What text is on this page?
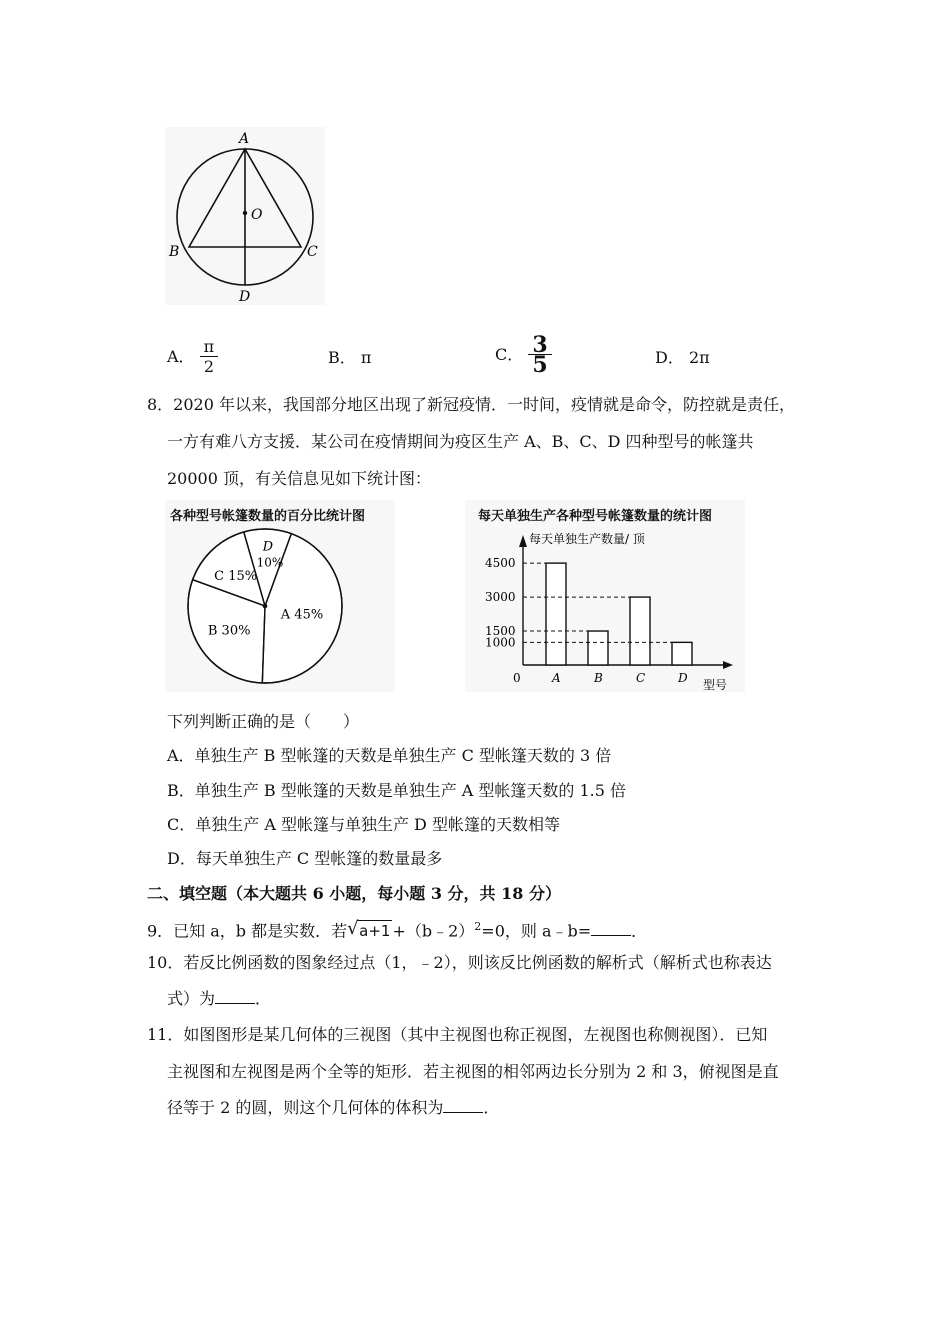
A
O
B	C
D
A． $\frac{\pi}{2}$	B． π	C． $\frac{3}{5}$	D． 2π
8．2020 年以来，我国部分地区出现了新冠疫情．一时间，疫情就是命令，防控就是责任，
一方有难八方支援．某公司在疫情期间为疫区生产 A、B、C、D 四种型号的帐篷共
20000 顶，有关信息见如下统计图：
各种型号帐篷数量的百分比统计图
A 45%
B 30%
C 15%
D
10%
每天单独生产各种型号帐篷数量的统计图
每天单独生产数量/ 顶
型号
0	A	B	C	D
1000
1500
3000
4500
下列判断正确的是（　　）
A．单独生产 B 型帐篷的天数是单独生产 C 型帐篷天数的 3 倍
B．单独生产 B 型帐篷的天数是单独生产 A 型帐篷天数的 1.5 倍
C．单独生产 A 型帐篷与单独生产 D 型帐篷的天数相等
D．每天单独生产 C 型帐篷的数量最多
二、填空题（本大题共 6 小题，每小题 3 分，共 18 分）
9．已知 a，b 都是实数．若 √ a+1 +（b﹣2）$^2$=0，则 a﹣b=	．
10．若反比例函数的图象经过点（1，﹣2），则该反比例函数的解析式（解析式也称表达
式）为	．
11．如图图形是某几何体的三视图（其中主视图也称正视图，左视图也称侧视图）．已知
主视图和左视图是两个全等的矩形．若主视图的相邻两边长分别为 2 和 3，俯视图是直
径等于 2 的圆，则这个几何体的体积为	．
